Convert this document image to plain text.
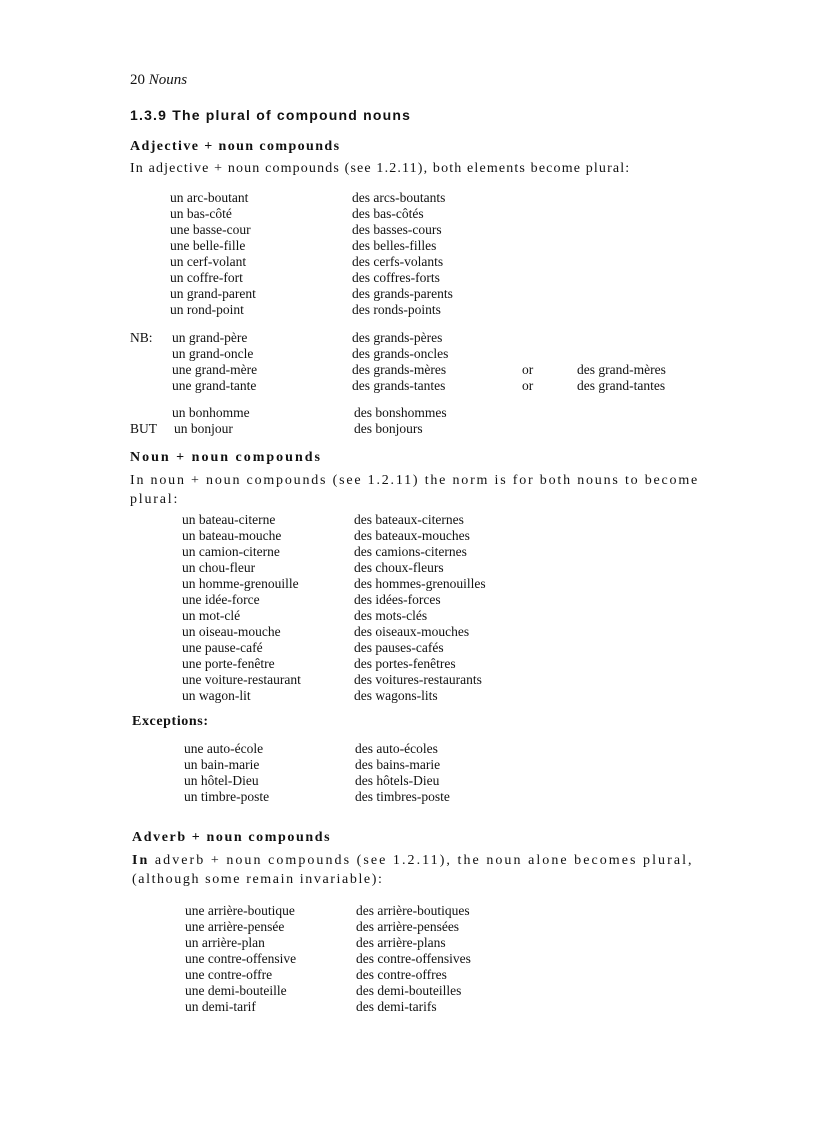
20 Nouns
1.3.9 The plural of compound nouns
Adjective + noun compounds
In adjective + noun compounds (see 1.2.11), both elements become plural:
un arc-boutant	des arcs-boutants
un bas-côté	des bas-côtés
une basse-cour	des basses-cours
une belle-fille	des belles-filles
un cerf-volant	des cerfs-volants
un coffre-fort	des coffres-forts
un grand-parent	des grands-parents
un rond-point	des ronds-points
NB: un grand-père	des grands-pères
un grand-oncle	des grands-oncles
une grand-mère	des grands-mères	or	des grand-mères
une grand-tante	des grands-tantes	or	des grand-tantes
un bonhomme	des bonshommes
BUT un bonjour	des bonjours
Noun + noun compounds
In noun + noun compounds (see 1.2.11) the norm is for both nouns to become
plural:
un bateau-citerne	des bateaux-citernes
un bateau-mouche	des bateaux-mouches
un camion-citerne	des camions-citernes
un chou-fleur	des choux-fleurs
un homme-grenouille	des hommes-grenouilles
une idée-force	des idées-forces
un mot-clé	des mots-clés
un oiseau-mouche	des oiseaux-mouches
une pause-café	des pauses-cafés
une porte-fenêtre	des portes-fenêtres
une voiture-restaurant	des voitures-restaurants
un wagon-lit	des wagons-lits
Exceptions:
une auto-école	des auto-écoles
un bain-marie	des bains-marie
un hôtel-Dieu	des hôtels-Dieu
un timbre-poste	des timbres-poste
Adverb + noun compounds
In adverb + noun compounds (see 1.2.11), the noun alone becomes plural,
(although some remain invariable):
une arrière-boutique	des arrière-boutiques
une arrière-pensée	des arrière-pensées
un arrière-plan	des arrière-plans
une contre-offensive	des contre-offensives
une contre-offre	des contre-offres
une demi-bouteille	des demi-bouteilles
un demi-tarif	des demi-tarifs
